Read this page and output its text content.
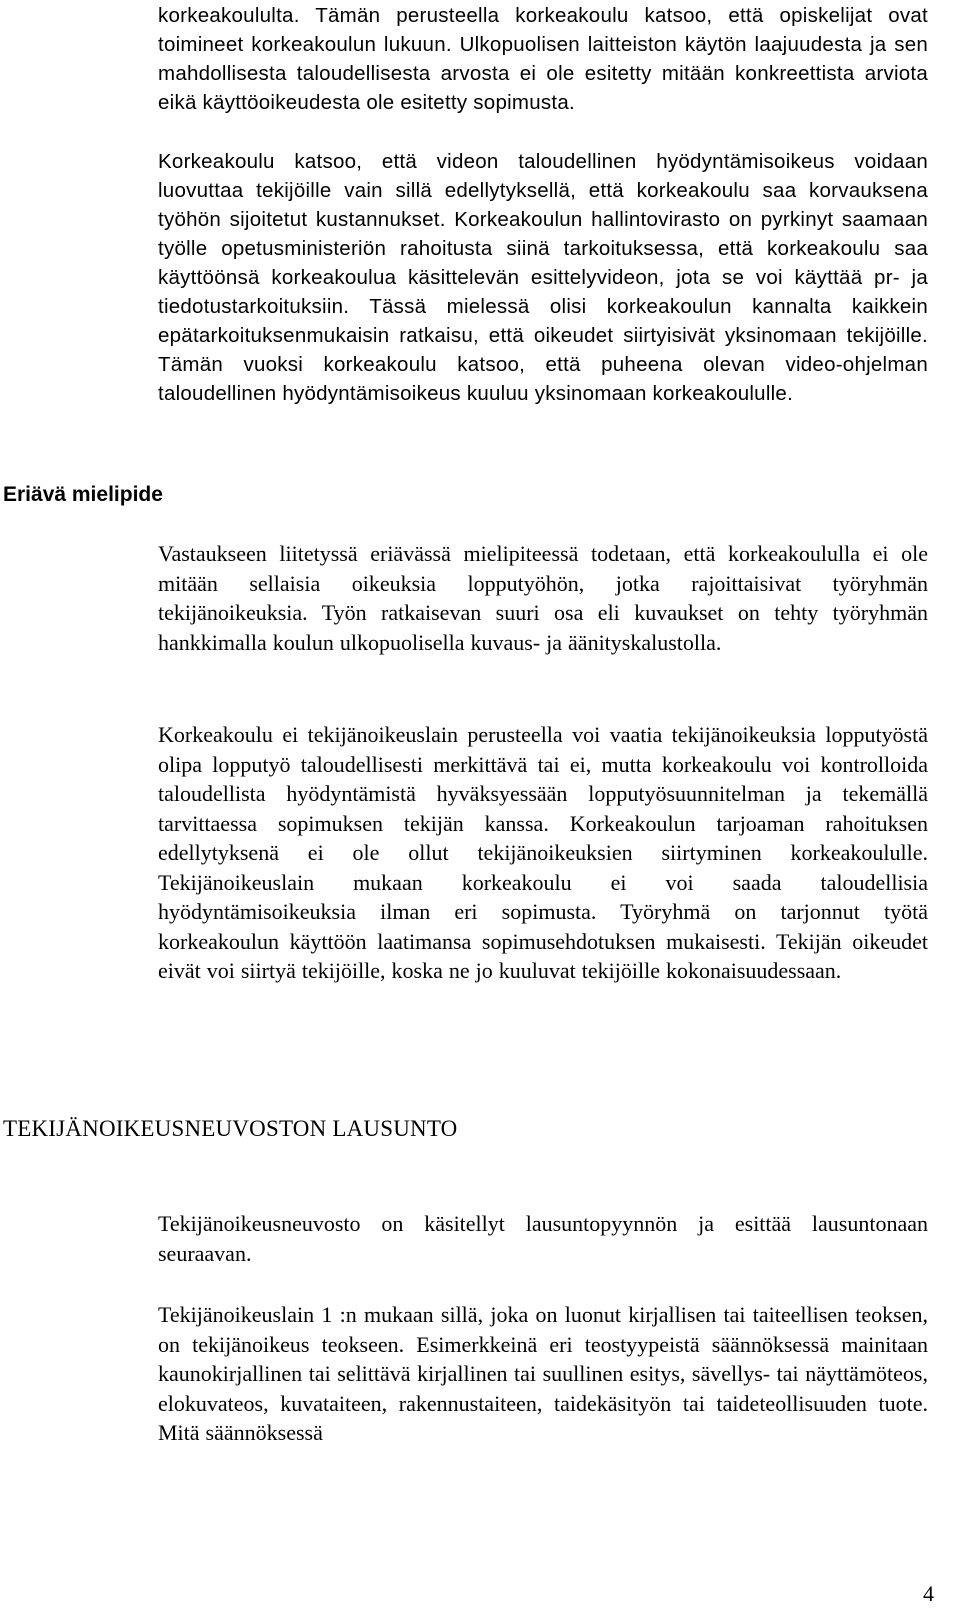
korkeakoululta. Tämän perusteella korkeakoulu katsoo, että opiskelijat ovat toimineet korkeakoulun lukuun. Ulkopuolisen laitteiston käytön laajuudesta ja sen mahdollisesta taloudellisesta arvosta ei ole esitetty mitään konkreettista arviota eikä käyttöoikeudesta ole esitetty sopimusta.

Korkeakoulu katsoo, että videon taloudellinen hyödyntämisoikeus voidaan luovuttaa tekijöille vain sillä edellytyksellä, että korkeakoulu saa korvauksena työhön sijoitetut kustannukset. Korkeakoulun hallintovirasto on pyrkinyt saamaan työlle opetusministeriön rahoitusta siinä tarkoituksessa, että korkeakoulu saa käyttöönsä korkeakoulua käsittelevän esittelyvideon, jota se voi käyttää pr- ja tiedotustarkoituksiin. Tässä mielessä olisi korkeakoulun kannalta kaikkein epätarkoituksenmukaisin ratkaisu, että oikeudet siirtyisivät yksinomaan tekijöille. Tämän vuoksi korkeakoulu katsoo, että puheena olevan video-ohjelman taloudellinen hyödyntämisoikeus kuuluu yksinomaan korkeakoululle.

Eriävä mielipide

Vastaukseen liitetyssä eriävässä mielipiteessä todetaan, että korkeakoululla ei ole mitään sellaisia oikeuksia lopputyöhön, jotka rajoittaisivat työryhmän tekijänoikeuksia. Työn ratkaisevan suuri osa eli kuvaukset on tehty työryhmän hankkimalla koulun ulkopuolisella kuvaus- ja äänityskalustolla.

Korkeakoulu ei tekijänoikeuslain perusteella voi vaatia tekijänoikeuksia lopputyöstä olipa lopputyö taloudellisesti merkittävä tai ei, mutta korkeakoulu voi kontrolloida taloudellista hyödyntämistä hyväksyessään lopputyösuunnitelman ja tekemällä tarvittaessa sopimuksen tekijän kanssa. Korkeakoulun tarjoaman rahoituksen edellytyksenä ei ole ollut tekijänoikeuksien siirtyminen korkeakoululle. Tekijänoikeuslain mukaan korkeakoulu ei voi saada taloudellisia hyödyntämisoikeuksia ilman eri sopimusta. Työryhmä on tarjonnut työtä korkeakoulun käyttöön laatimansa sopimusehdotuksen mukaisesti. Tekijän oikeudet eivät voi siirtyä tekijöille, koska ne jo kuuluvat tekijöille kokonaisuudessaan.

TEKIJÄNOIKEUSNEUVOSTON LAUSUNTO

Tekijänoikeusneuvosto on käsitellyt lausuntopyynnön ja esittää lausuntonaan seuraavan.

Tekijänoikeuslain 1 :n mukaan sillä, joka on luonut kirjallisen tai taiteellisen teoksen, on tekijänoikeus teokseen. Esimerkkeinä eri teostyypeistä säännöksessä mainitaan kaunokirjallinen tai selittävä kirjallinen tai suullinen esitys, sävellys- tai näyttämöteos, elokuvateos, kuvataiteen, rakennustaiteen, taidekäsityön tai taideteollisuuden tuote. Mitä säännöksessä

4
